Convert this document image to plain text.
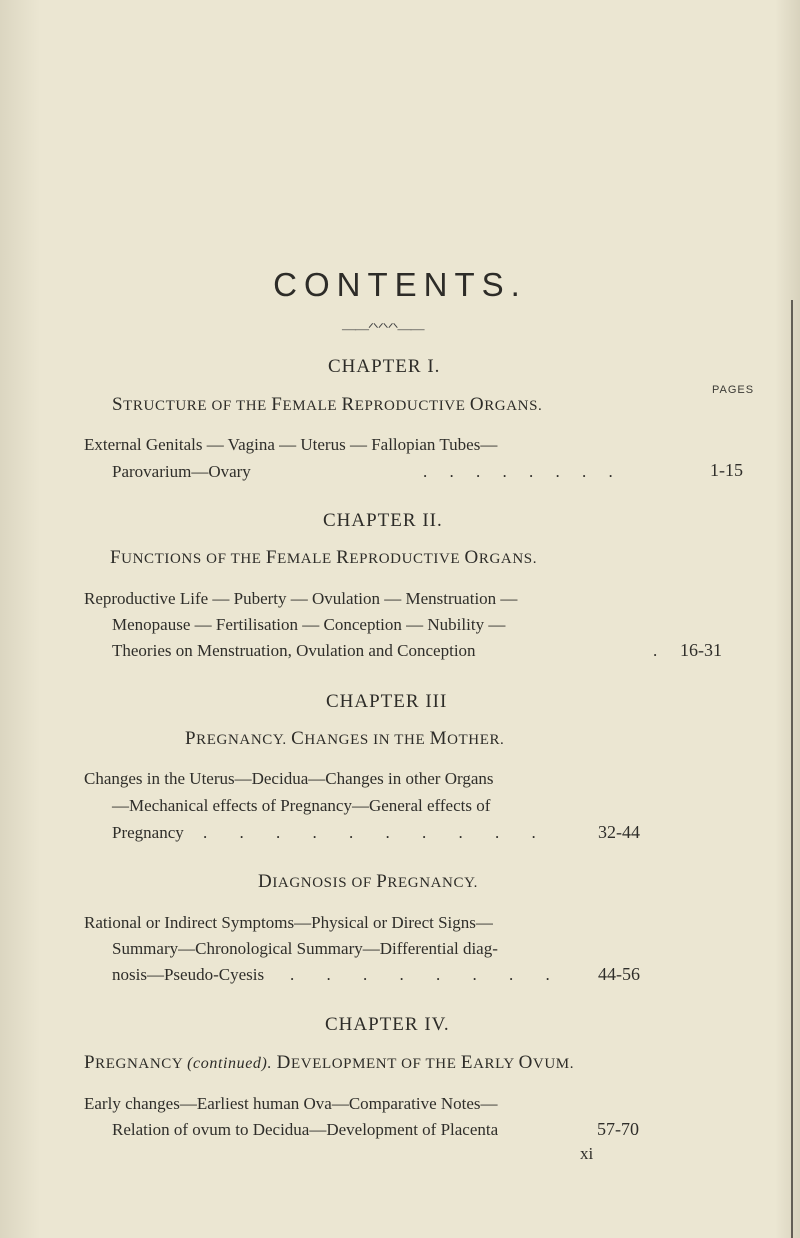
CONTENTS.
——ᐟᐠᐟᐠᐟᐠ——
CHAPTER I.
PAGES
STRUCTURE OF THE FEMALE REPRODUCTIVE ORGANS.
External Genitals — Vagina — Uterus — Fallopian Tubes—
Parovarium—Ovary	. . . . . . . .	1-15
CHAPTER II.
FUNCTIONS OF THE FEMALE REPRODUCTIVE ORGANS.
Reproductive Life — Puberty — Ovulation — Menstruation —
Menopause — Fertilisation — Conception — Nubility —
Theories on Menstruation, Ovulation and Conception	. 16-31
CHAPTER III
PREGNANCY. CHANGES IN THE MOTHER.
Changes in the Uterus—Decidua—Changes in other Organs
—Mechanical effects of Pregnancy—General effects of
Pregnancy . . . . . . . . . .	32-44
DIAGNOSIS OF PREGNANCY.
Rational or Indirect Symptoms—Physical or Direct Signs—
Summary—Chronological Summary—Differential diag-
nosis—Pseudo-Cyesis . . . . . . . . 44-56
CHAPTER IV.
PREGNANCY (continued). DEVELOPMENT OF THE EARLY OVUM.
Early changes—Earliest human Ova—Comparative Notes—
Relation of ovum to Decidua—Development of Placenta	57-70
xi
